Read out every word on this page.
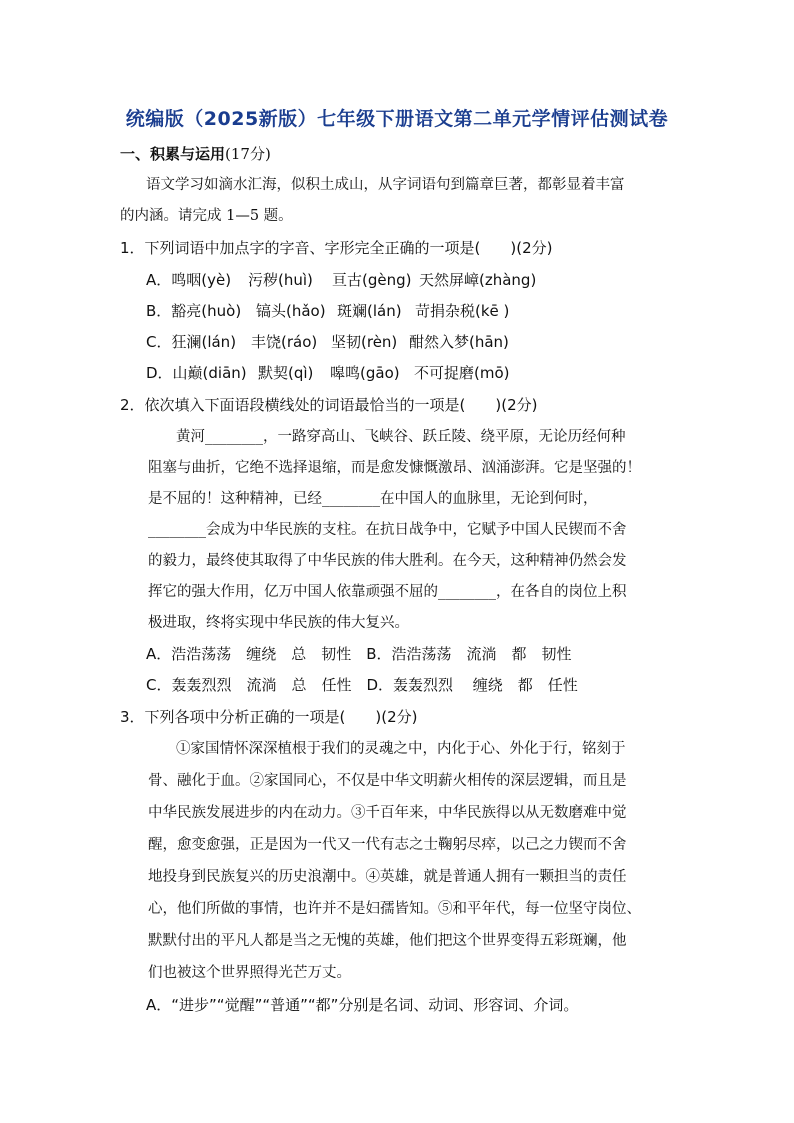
统编版（2025新版）七年级下册语文第二单元学情评估测试卷
一、积累与运用(17分)
语文学习如滴水汇海，似积土成山，从字词语句到篇章巨著，都彰显着丰富
的内涵。请完成 1—5 题。
1．下列词语中加点字的字音、字形完全正确的一项是(　　)(2分)
A．鸣咽(yè) 污秽(huì) 亘古(gèng) 天然屏嶂(zhàng)
B．豁亮(huò) 镐头(hǎo) 斑斓(lán) 苛捐杂税(kē )
C．狂澜(lán) 丰饶(ráo) 坚韧(rèn) 酣然入梦(hān)
D．山巅(diān) 默契(qì) 嗥鸣(gāo) 不可捉磨(mō)
2．依次填入下面语段横线处的词语最恰当的一项是(　　)(2分)
黄河________，一路穿高山、飞峡谷、跃丘陵、绕平原，无论历经何种
阻塞与曲折，它绝不选择退缩，而是愈发慷慨激昂、汹涌澎湃。它是坚强的！
是不屈的！这种精神，已经________在中国人的血脉里，无论到何时，
________会成为中华民族的支柱。在抗日战争中，它赋予中国人民锲而不舍
的毅力，最终使其取得了中华民族的伟大胜利。在今天，这种精神仍然会发
挥它的强大作用，亿万中国人依靠顽强不屈的________，在各自的岗位上积
极进取，终将实现中华民族的伟大复兴。
A．浩浩荡荡　缠绕　总　韧性　B．浩浩荡荡　流淌　都　韧性
C．轰轰烈烈　流淌　总　任性　D．轰轰烈烈　 缠绕　都　任性
3．下列各项中分析正确的一项是(　　)(2分)
①家国情怀深深植根于我们的灵魂之中，内化于心、外化于行，铭刻于
骨、融化于血。②家国同心，不仅是中华文明薪火相传的深层逻辑，而且是
中华民族发展进步的内在动力。③千百年来，中华民族得以从无数磨难中觉
醒，愈变愈强，正是因为一代又一代有志之士鞠躬尽瘁，以己之力锲而不舍
地投身到民族复兴的历史浪潮中。④英雄，就是普通人拥有一颗担当的责任
心，他们所做的事情，也许并不是妇孺皆知。⑤和平年代，每一位坚守岗位、
默默付出的平凡人都是当之无愧的英雄，他们把这个世界变得五彩斑斓，他
们也被这个世界照得光芒万丈。
A．“进步”“觉醒”“普通”“都”分别是名词、动词、形容词、介词。
